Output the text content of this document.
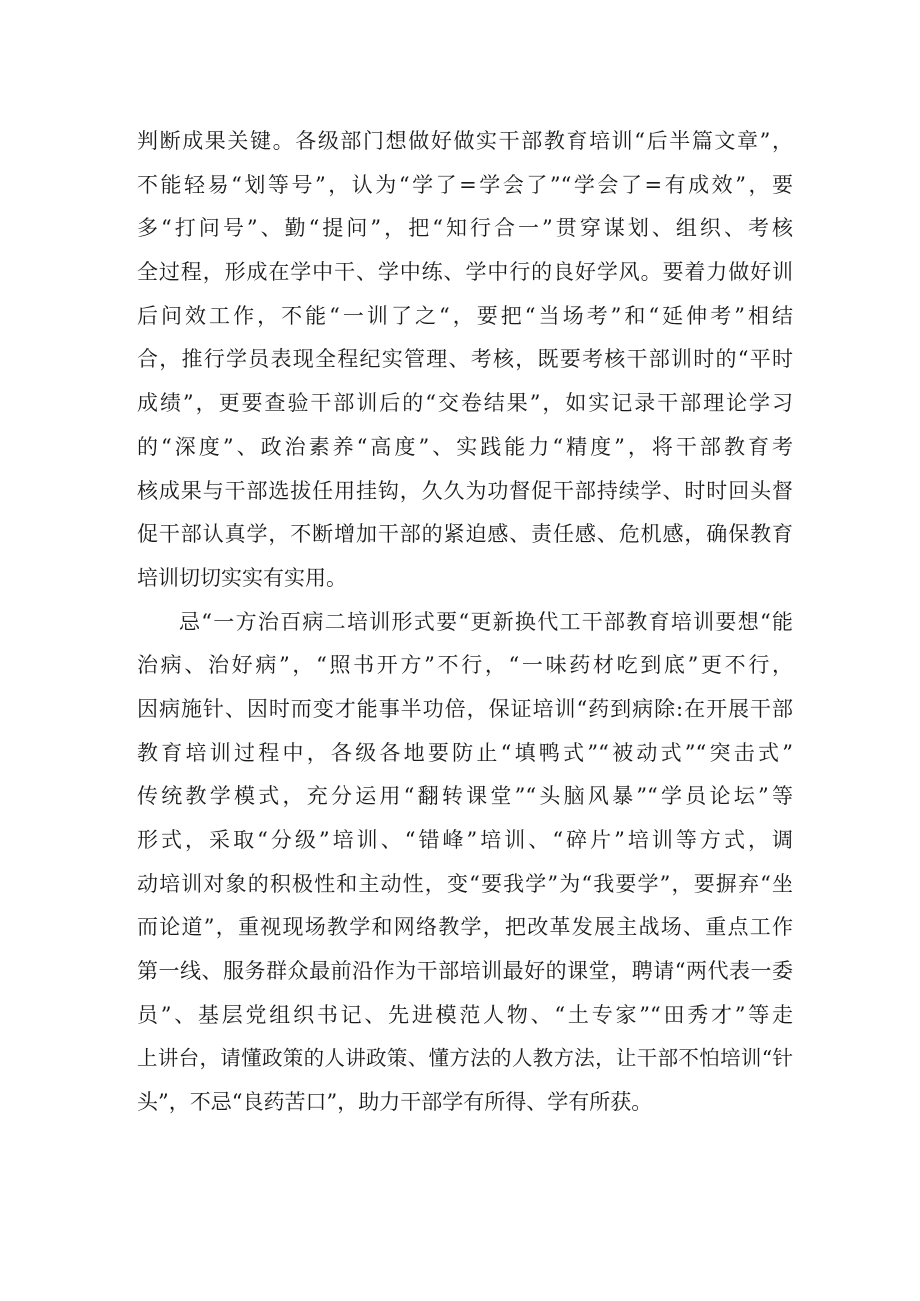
判断成果关键。各级部门想做好做实干部教育培训“后半篇文章”，
不能轻易“划等号”，认为“学了=学会了”“学会了=有成效”，要
多“打问号”、勤“提问”，把“知行合一”贯穿谋划、组织、考核
全过程，形成在学中干、学中练、学中行的良好学风。要着力做好训
后问效工作，不能“一训了之“，要把“当场考”和“延伸考”相结
合，推行学员表现全程纪实管理、考核，既要考核干部训时的“平时
成绩”，更要查验干部训后的“交卷结果”，如实记录干部理论学习
的“深度”、政治素养“高度”、实践能力“精度”，将干部教育考
核成果与干部选拔任用挂钩，久久为功督促干部持续学、时时回头督
促干部认真学，不断增加干部的紧迫感、责任感、危机感，确保教育
培训切切实实有实用。
忌“一方治百病二培训形式要“更新换代工干部教育培训要想“能
治病、治好病”，“照书开方”不行，“一味药材吃到底”更不行，
因病施针、因时而变才能事半功倍，保证培训“药到病除:在开展干部
教育培训过程中，各级各地要防止“填鸭式”“被动式”“突击式”
传统教学模式，充分运用“翻转课堂”“头脑风暴”“学员论坛”等
形式，采取“分级”培训、“错峰”培训、“碎片”培训等方式，调
动培训对象的积极性和主动性，变“要我学”为“我要学”，要摒弃“坐
而论道”，重视现场教学和网络教学，把改革发展主战场、重点工作
第一线、服务群众最前沿作为干部培训最好的课堂，聘请“两代表一委
员”、基层党组织书记、先进模范人物、“土专家”“田秀才”等走
上讲台，请懂政策的人讲政策、懂方法的人教方法，让干部不怕培训“针
头”，不忌“良药苦口”，助力干部学有所得、学有所获。
